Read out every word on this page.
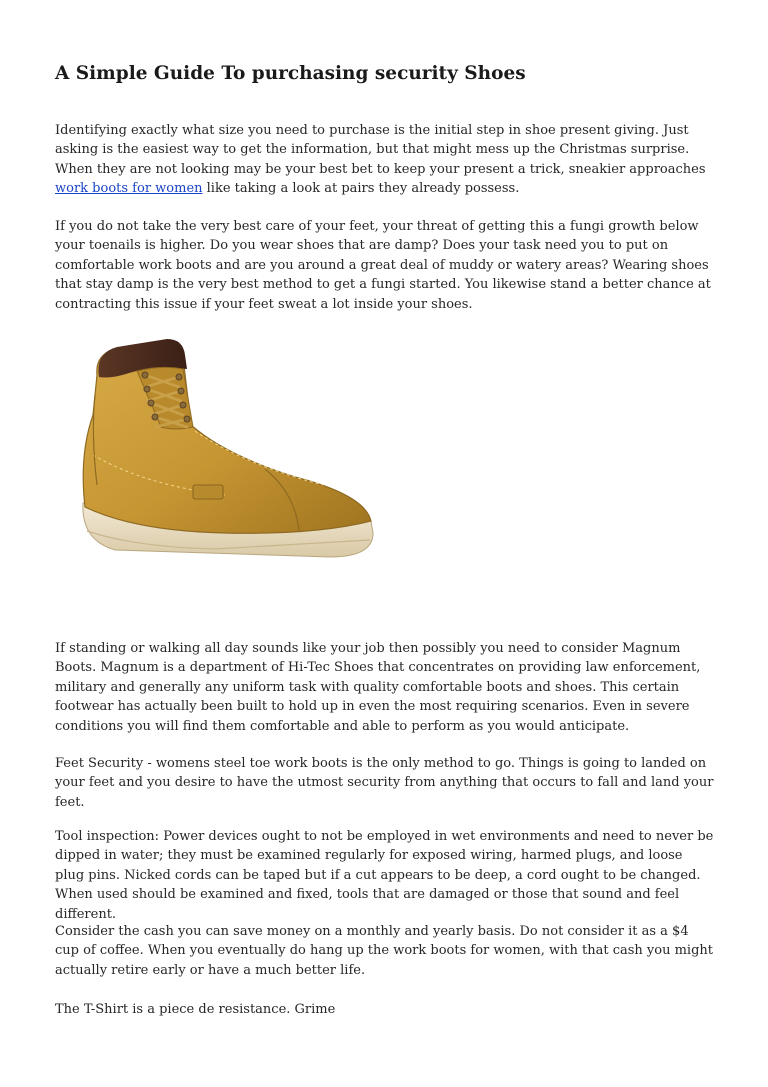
A Simple Guide To purchasing security Shoes

Identifying exactly what size you need to purchase is the initial step in shoe present giving. Just asking is the easiest way to get the information, but that might mess up the Christmas surprise. When they are not looking may be your best bet to keep your present a trick, sneakier approaches work boots for women like taking a look at pairs they already possess.

If you do not take the very best care of your feet, your threat of getting this a fungi growth below your toenails is higher. Do you wear shoes that are damp? Does your task need you to put on comfortable work boots and are you around a great deal of muddy or watery areas? Wearing shoes that stay damp is the very best method to get a fungi started. You likewise stand a better chance at contracting this issue if your feet sweat a lot inside your shoes.

If standing or walking all day sounds like your job then possibly you need to consider Magnum Boots. Magnum is a department of Hi-Tec Shoes that concentrates on providing law enforcement, military and generally any uniform task with quality comfortable boots and shoes. This certain footwear has actually been built to hold up in even the most requiring scenarios. Even in severe conditions you will find them comfortable and able to perform as you would anticipate.

Feet Security - womens steel toe work boots is the only method to go. Things is going to landed on your feet and you desire to have the utmost security from anything that occurs to fall and land your feet.

Tool inspection: Power devices ought to not be employed in wet environments and need to never be dipped in water; they must be examined regularly for exposed wiring, harmed plugs, and loose plug pins. Nicked cords can be taped but if a cut appears to be deep, a cord ought to be changed. When used should be examined and fixed, tools that are damaged or those that sound and feel different.

Consider the cash you can save money on a monthly and yearly basis. Do not consider it as a $4 cup of coffee. When you eventually do hang up the work boots for women, with that cash you might actually retire early or have a much better life.

The T-Shirt is a piece de resistance. Grime
